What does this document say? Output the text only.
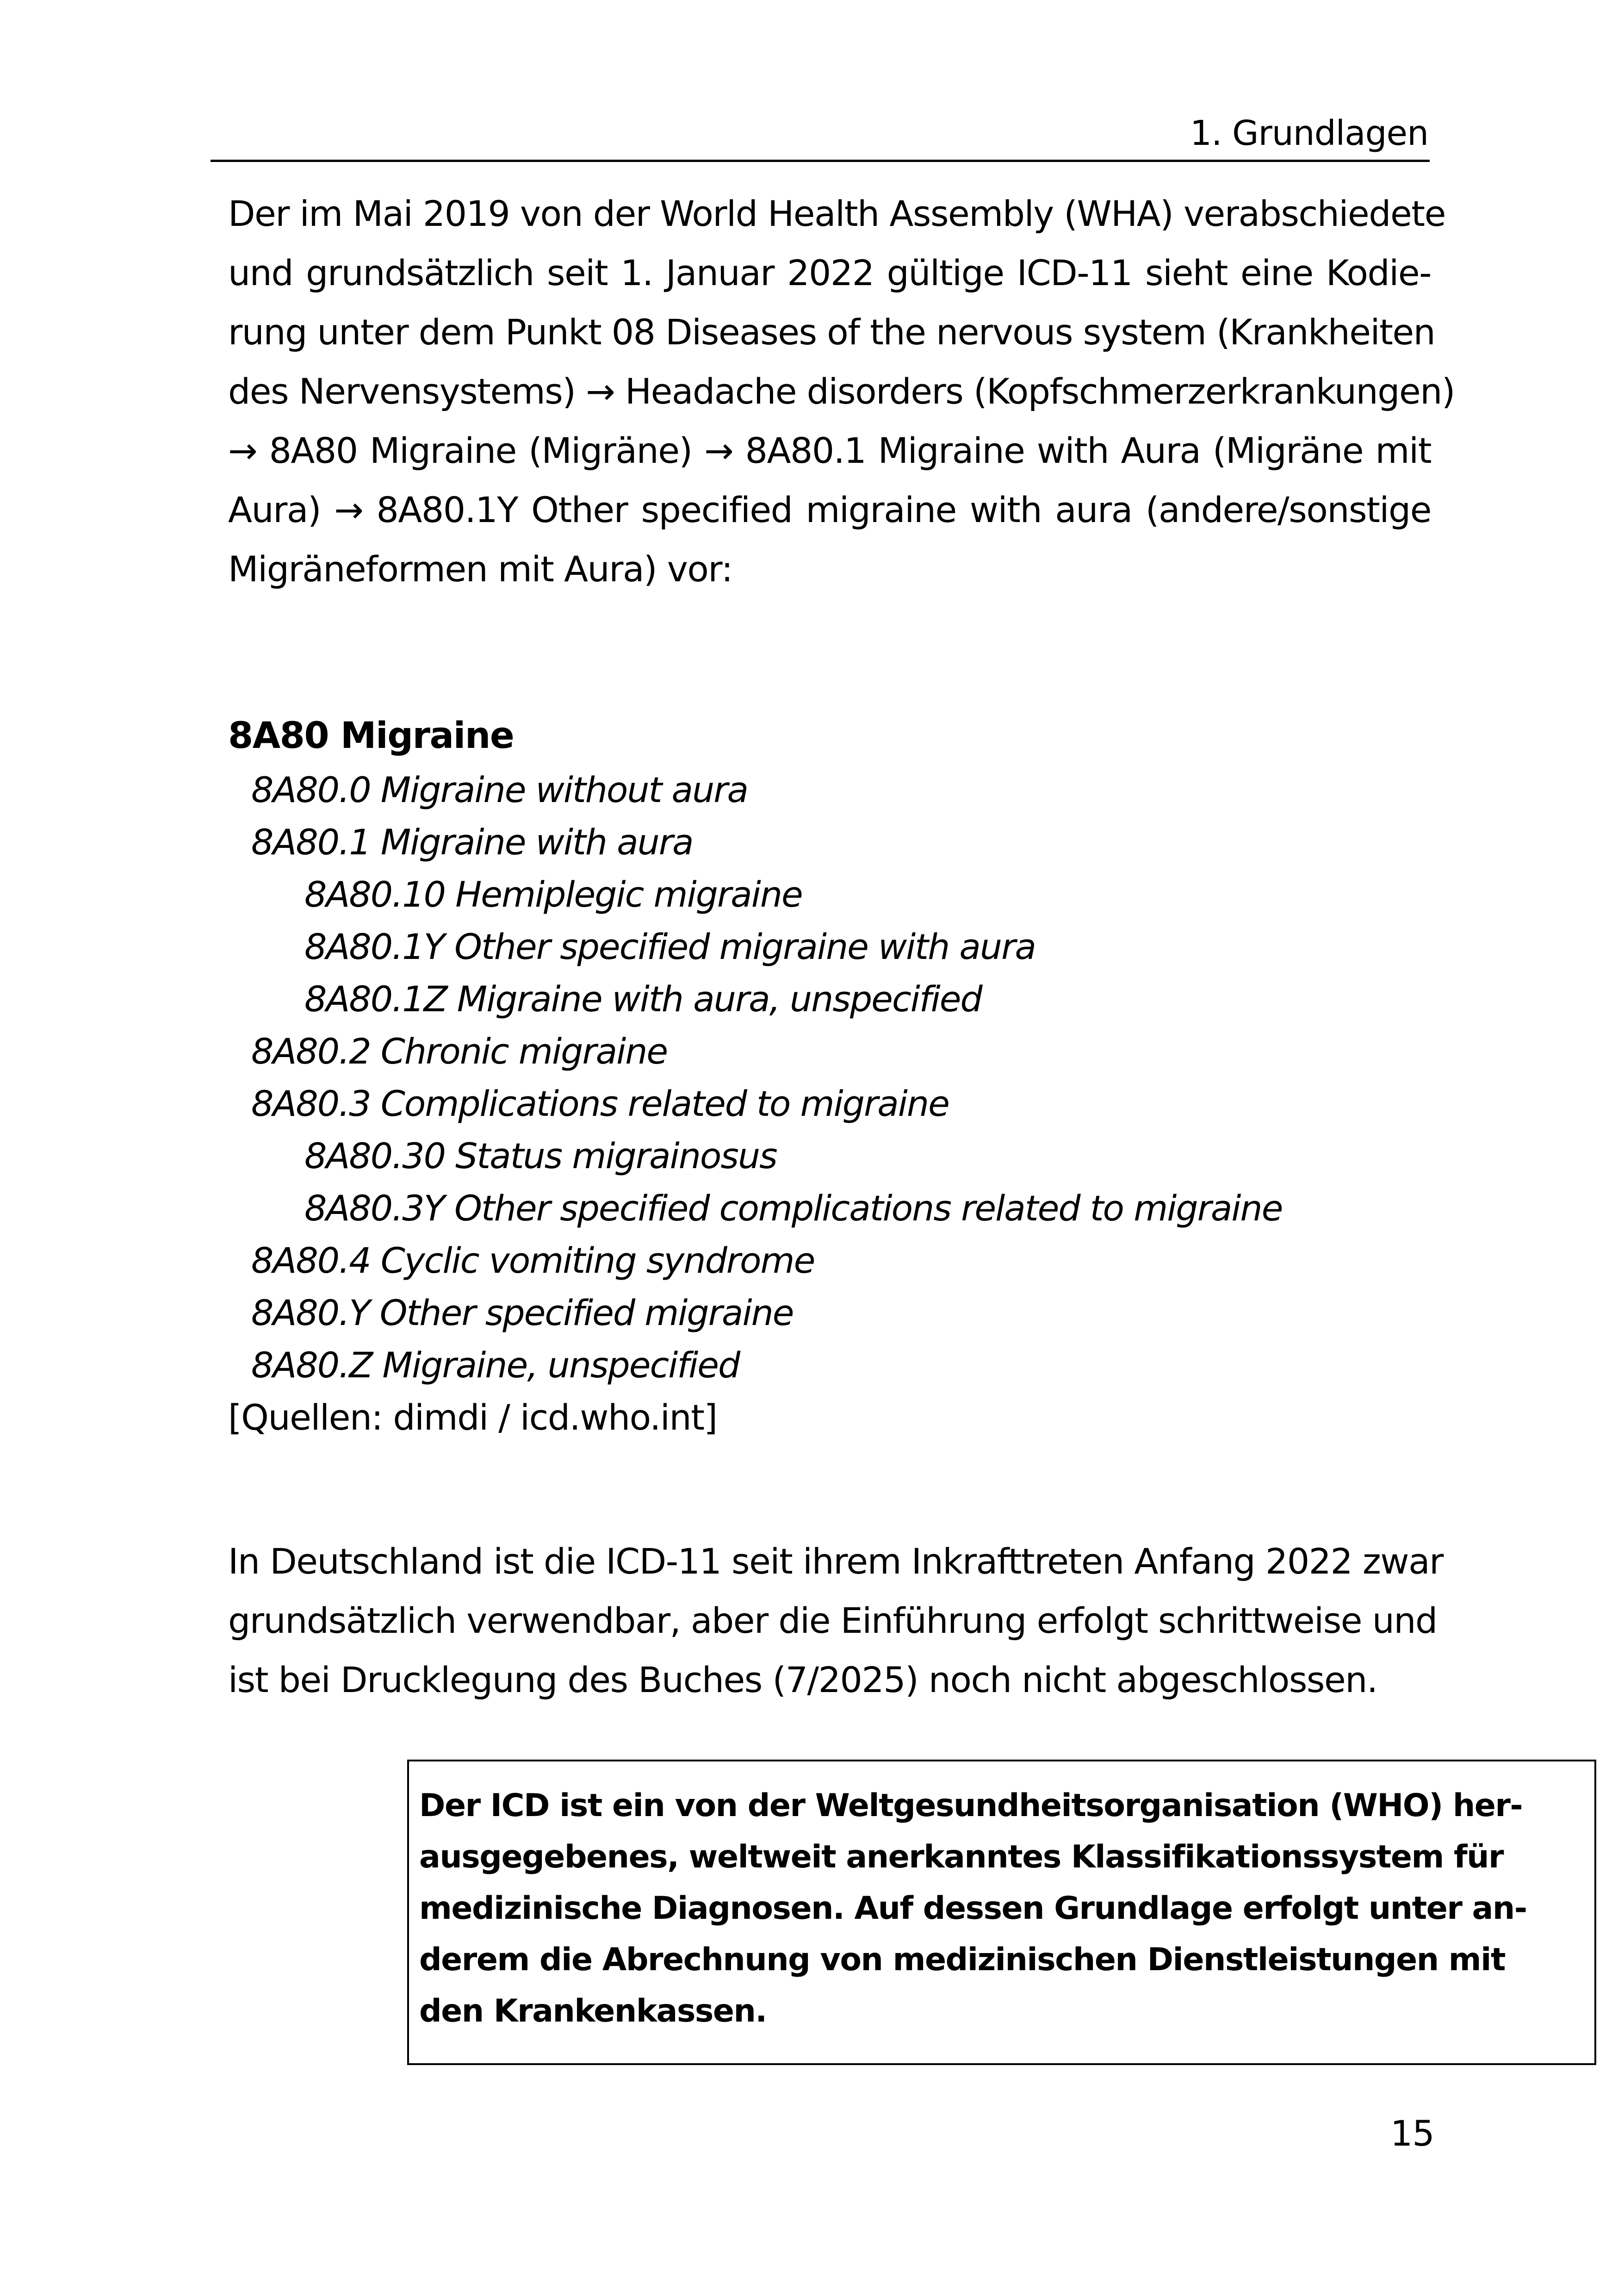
1. Grundlagen
Der im Mai 2019 von der World Health Assembly (WHA) verabschiedete
und grundsätzlich seit 1. Januar 2022 gültige ICD-11 sieht eine Kodie-
rung unter dem Punkt 08 Diseases of the nervous system (Krankheiten
des Nervensystems) → Headache disorders (Kopfschmerzerkrankungen)
→ 8A80 Migraine (Migräne) → 8A80.1 Migraine with Aura (Migräne mit
Aura) → 8A80.1Y Other specified migraine with aura (andere/sonstige
Migräneformen mit Aura) vor:
8A80 Migraine
8A80.0 Migraine without aura
8A80.1 Migraine with aura
8A80.10 Hemiplegic migraine
8A80.1Y Other specified migraine with aura
8A80.1Z Migraine with aura, unspecified
8A80.2 Chronic migraine
8A80.3 Complications related to migraine
8A80.30 Status migrainosus
8A80.3Y Other specified complications related to migraine
8A80.4 Cyclic vomiting syndrome
8A80.Y Other specified migraine
8A80.Z Migraine, unspecified
[Quellen: dimdi / icd.who.int]
In Deutschland ist die ICD-11 seit ihrem Inkrafttreten Anfang 2022 zwar
grundsätzlich verwendbar, aber die Einführung erfolgt schrittweise und
ist bei Drucklegung des Buches (7/2025) noch nicht abgeschlossen.
Der ICD ist ein von der Weltgesundheitsorganisation (WHO) her-
ausgegebenes, weltweit anerkanntes Klassifikationssystem für
medizinische Diagnosen. Auf dessen Grundlage erfolgt unter an-
derem die Abrechnung von medizinischen Dienstleistungen mit
den Krankenkassen.
15
